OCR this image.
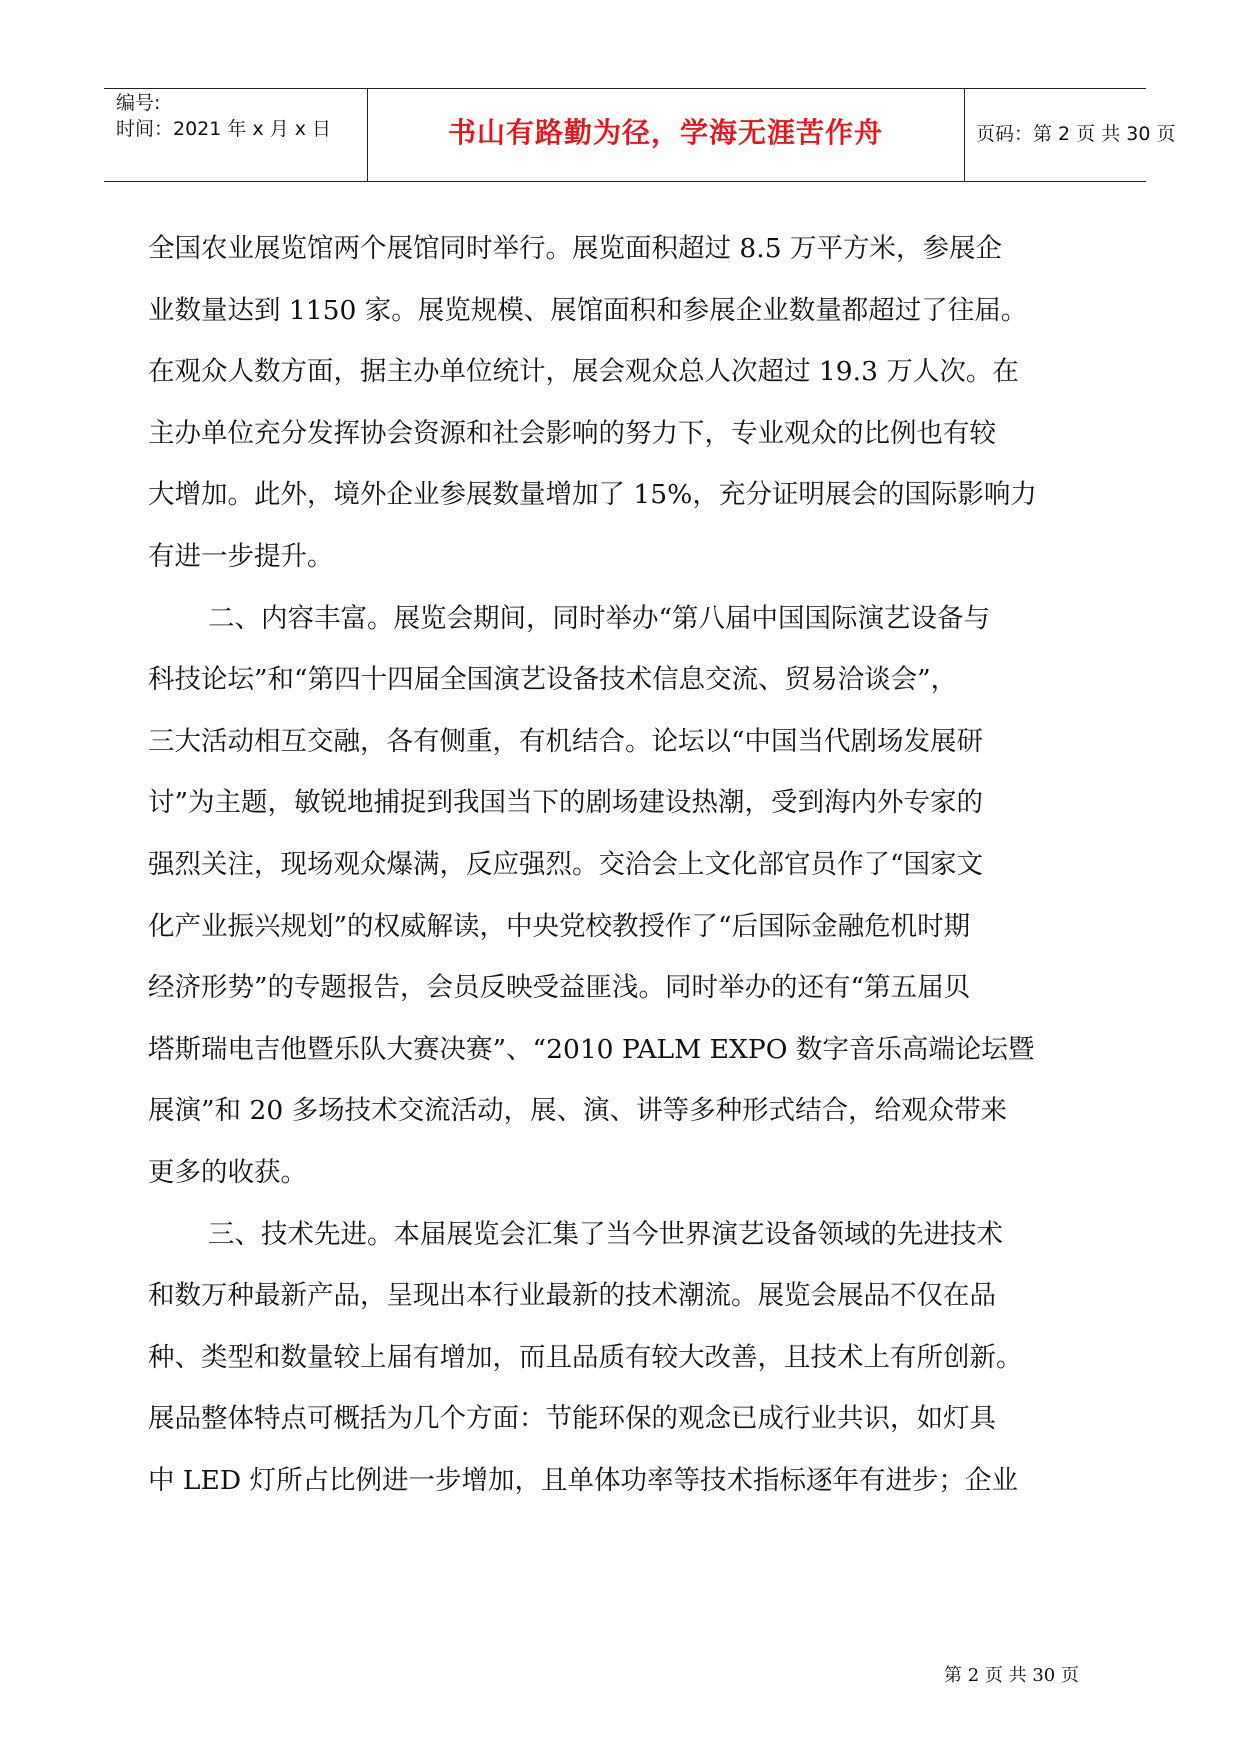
编号:
时间：2021 年 x 月 x 日	书山有路勤为径，学海无涯苦作舟	页码：第 2 页 共 30 页
全国农业展览馆两个展馆同时举行。展览面积超过 8.5 万平方米，参展企
业数量达到 1150 家。展览规模、展馆面积和参展企业数量都超过了往届。
在观众人数方面，据主办单位统计，展会观众总人次超过 19.3 万人次。在
主办单位充分发挥协会资源和社会影响的努力下，专业观众的比例也有较
大增加。此外，境外企业参展数量增加了 15%，充分证明展会的国际影响力
有进一步提升。
二、内容丰富。展览会期间，同时举办“第八届中国国际演艺设备与
科技论坛”和“第四十四届全国演艺设备技术信息交流、贸易洽谈会”，
三大活动相互交融，各有侧重，有机结合。论坛以“中国当代剧场发展研
讨”为主题，敏锐地捕捉到我国当下的剧场建设热潮，受到海内外专家的
强烈关注，现场观众爆满，反应强烈。交洽会上文化部官员作了“国家文
化产业振兴规划”的权威解读，中央党校教授作了“后国际金融危机时期
经济形势”的专题报告，会员反映受益匪浅。同时举办的还有“第五届贝
塔斯瑞电吉他暨乐队大赛决赛”、“2010 PALM EXPO 数字音乐高端论坛暨
展演”和 20 多场技术交流活动，展、演、讲等多种形式结合，给观众带来
更多的收获。
三、技术先进。本届展览会汇集了当今世界演艺设备领域的先进技术
和数万种最新产品，呈现出本行业最新的技术潮流。展览会展品不仅在品
种、类型和数量较上届有增加，而且品质有较大改善，且技术上有所创新。
展品整体特点可概括为几个方面：节能环保的观念已成行业共识，如灯具
中 LED 灯所占比例进一步增加，且单体功率等技术指标逐年有进步；企业
第 2 页 共 30 页
